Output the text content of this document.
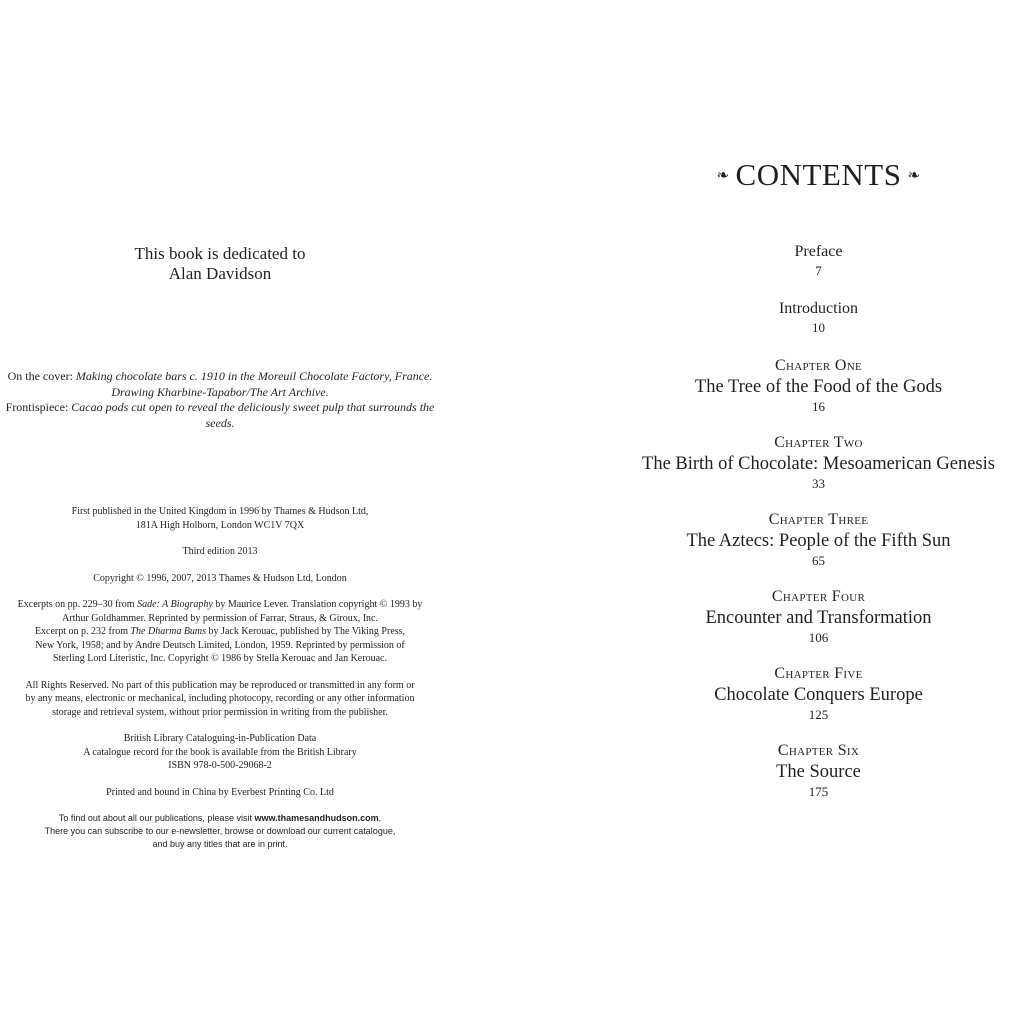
This book is dedicated to
Alan Davidson
On the cover: Making chocolate bars c. 1910 in the Moreuil Chocolate Factory, France. Drawing Kharbine-Tapabor/The Art Archive.
Frontispiece: Cacao pods cut open to reveal the deliciously sweet pulp that surrounds the seeds.

First published in the United Kingdom in 1996 by Thames & Hudson Ltd,
181A High Holborn, London WC1V 7QX

Third edition 2013

Copyright © 1996, 2007, 2013 Thames & Hudson Ltd, London

Excerpts on pp. 229–30 from Sade: A Biography by Maurice Lever. Translation copyright © 1993 by
Arthur Goldhammer. Reprinted by permission of Farrar, Straus, & Giroux, Inc.
Excerpt on p. 232 from The Dharma Bums by Jack Kerouac, published by The Viking Press,
New York, 1958; and by Andre Deutsch Limited, London, 1959. Reprinted by permission of
Sterling Lord Literistic, Inc. Copyright © 1986 by Stella Kerouac and Jan Kerouac.

All Rights Reserved. No part of this publication may be reproduced or transmitted in any form or
by any means, electronic or mechanical, including photocopy, recording or any other information
storage and retrieval system, without prior permission in writing from the publisher.

British Library Cataloguing-in-Publication Data
A catalogue record for the book is available from the British Library
ISBN 978-0-500-29068-2

Printed and bound in China by Everbest Printing Co. Ltd

To find out about all our publications, please visit www.thamesandhudson.com.
There you can subscribe to our e-newsletter, browse or download our current catalogue,
and buy any titles that are in print.

❧ CONTENTS ❧
Preface
7
Introduction
10
Chapter One
The Tree of the Food of the Gods
16
Chapter Two
The Birth of Chocolate: Mesoamerican Genesis
33
Chapter Three
The Aztecs: People of the Fifth Sun
65
Chapter Four
Encounter and Transformation
106
Chapter Five
Chocolate Conquers Europe
125
Chapter Six
The Source
175
